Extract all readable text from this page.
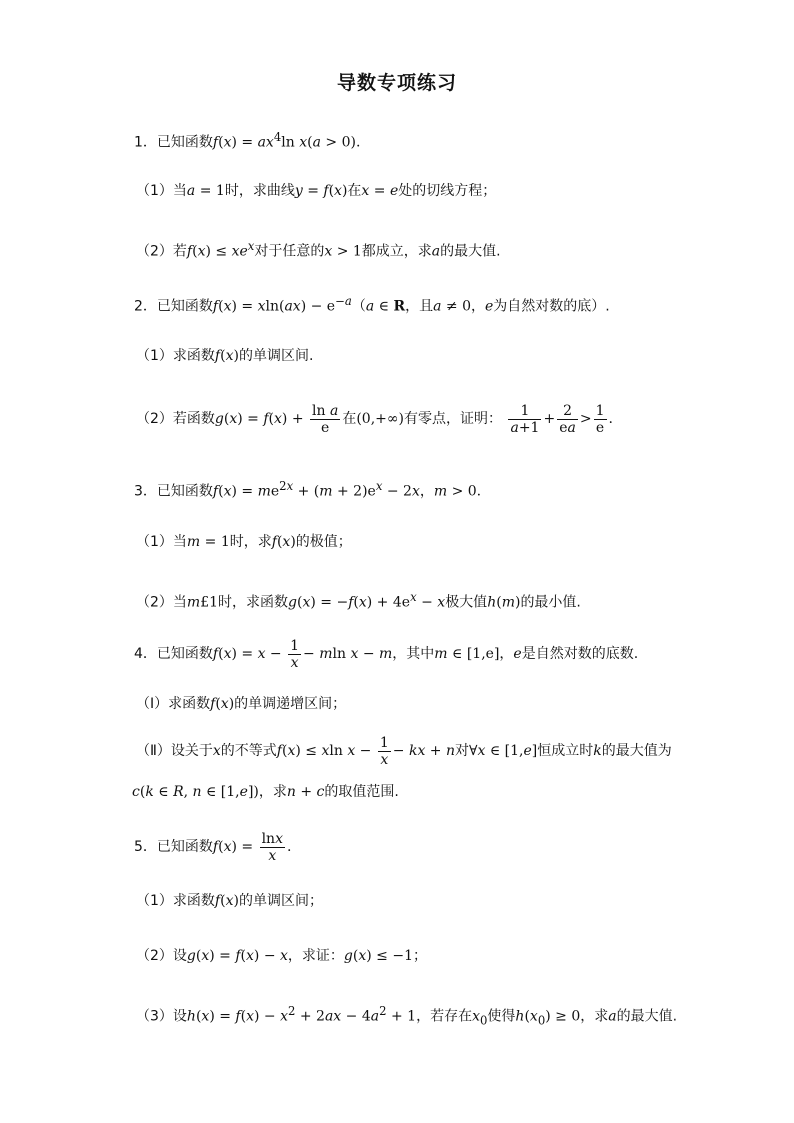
导数专项练习
1．已知函数$f(x) = ax^4\ln$ x(a > 0).
（1）当a = 1时，求曲线y = f(x)在x = e处的切线方程；
（2）若$f(x) \le xe^x$对于任意的x > 1都成立，求a的最大值.
2．已知函数$f(x) = xln(ax) - e^{-a}(a$ ∈ R，且a ≠ 0，e为自然对数的底）.
（1）求函数f(x)的单调区间.
（2）若函数$g(x) = f(x) + \frac{\text{ln a}}{e}$ 在(0,+∞)有零点，证明： $\frac{1}{a+1} + \frac{2}{ea} > \frac{1}{e}$ .
3．已知函数$f(x) = me^{2x} + (m + 2)e^x - 2x$，m > 0.
（1）当m = 1时，求f(x)的极值；
（2）当m£1时，求函数$g(x) = -f(x) + 4e^x - x$极大值h(m)的最小值.
4．已知函数$f(x) = x - \frac{1}{x} - mln$ x − m，其中m ∈ [1,e]，e是自然对数的底数.
（Ⅰ）求函数f(x)的单调递增区间；
（Ⅱ）设关于x的不等式f(x) ≤ xln $x - \frac{1}{x}$ − kx + n对∀x ∈ [1,e]恒成立时k的最大值为
c(k ∈ R, n ∈ [1,e])，求n + c的取值范围.
5．已知函数$f(x) = \frac{\ln x}{x}$ .
（1）求函数f(x)的单调区间；
（2）设g(x) = f(x) − x，求证：g(x) ≤ −1；
（3）设$h(x) = f(x) - x^2 + 2ax - 4a^2 + 1$，若存在$x_0$使得$h(x_0) \ge 0$，求a的最大值.
